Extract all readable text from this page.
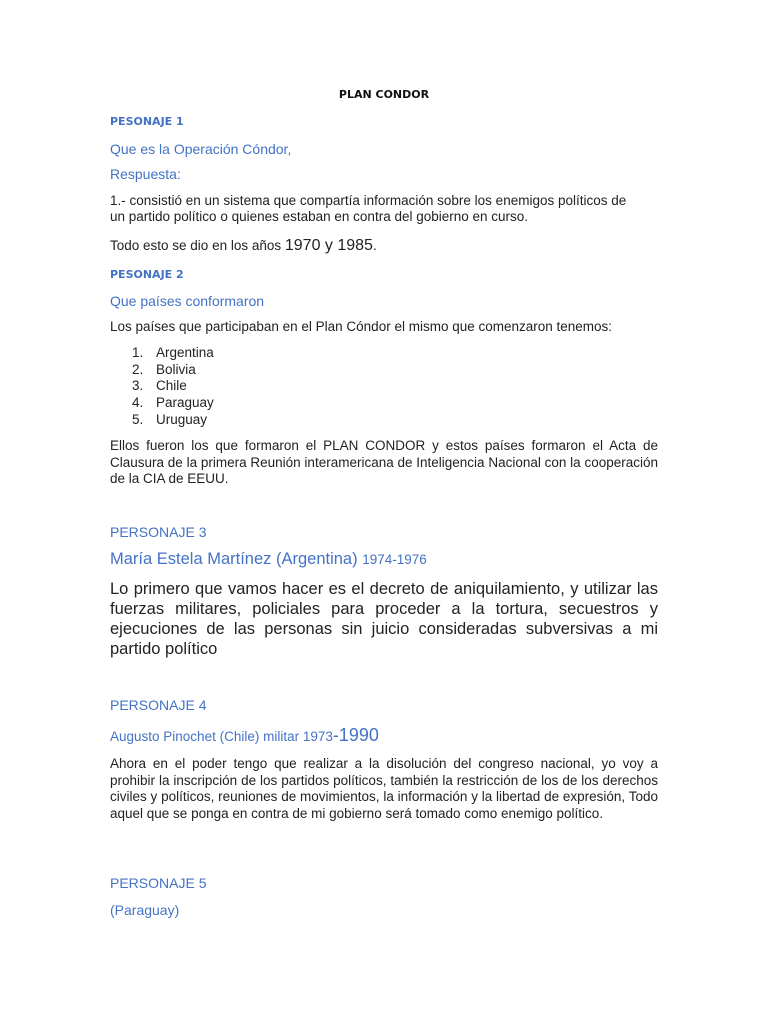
PLAN CONDOR
PESONAJE 1
Que es la Operación Cóndor,
Respuesta:
1.- consistió en un sistema que compartía información sobre los enemigos políticos de
un partido político o quienes estaban en contra del gobierno en curso.
Todo esto se dio en los años 1970 y 1985.
PESONAJE 2
Que países conformaron
Los países que participaban en el Plan Cóndor el mismo que comenzaron tenemos:
1. Argentina
2. Bolivia
3. Chile
4. Paraguay
5. Uruguay
Ellos fueron los que formaron el PLAN CONDOR y estos países formaron el Acta de Clausura de la primera Reunión interamericana de Inteligencia Nacional con la cooperación de la CIA de EEUU.
PERSONAJE 3
María Estela Martínez (Argentina) 1974-1976
Lo primero que vamos hacer es el decreto de aniquilamiento, y utilizar las fuerzas militares, policiales para proceder a la tortura, secuestros y ejecuciones de las personas sin juicio consideradas subversivas a mi partido político
PERSONAJE 4
Augusto Pinochet (Chile) militar 1973-1990
Ahora en el poder tengo que realizar a la disolución del congreso nacional, yo voy a prohibir la inscripción de los partidos políticos, también la restricción de los de los derechos civiles y políticos, reuniones de movimientos, la información y la libertad de expresión, Todo aquel que se ponga en contra de mi gobierno será tomado como enemigo político.
PERSONAJE 5
(Paraguay)
